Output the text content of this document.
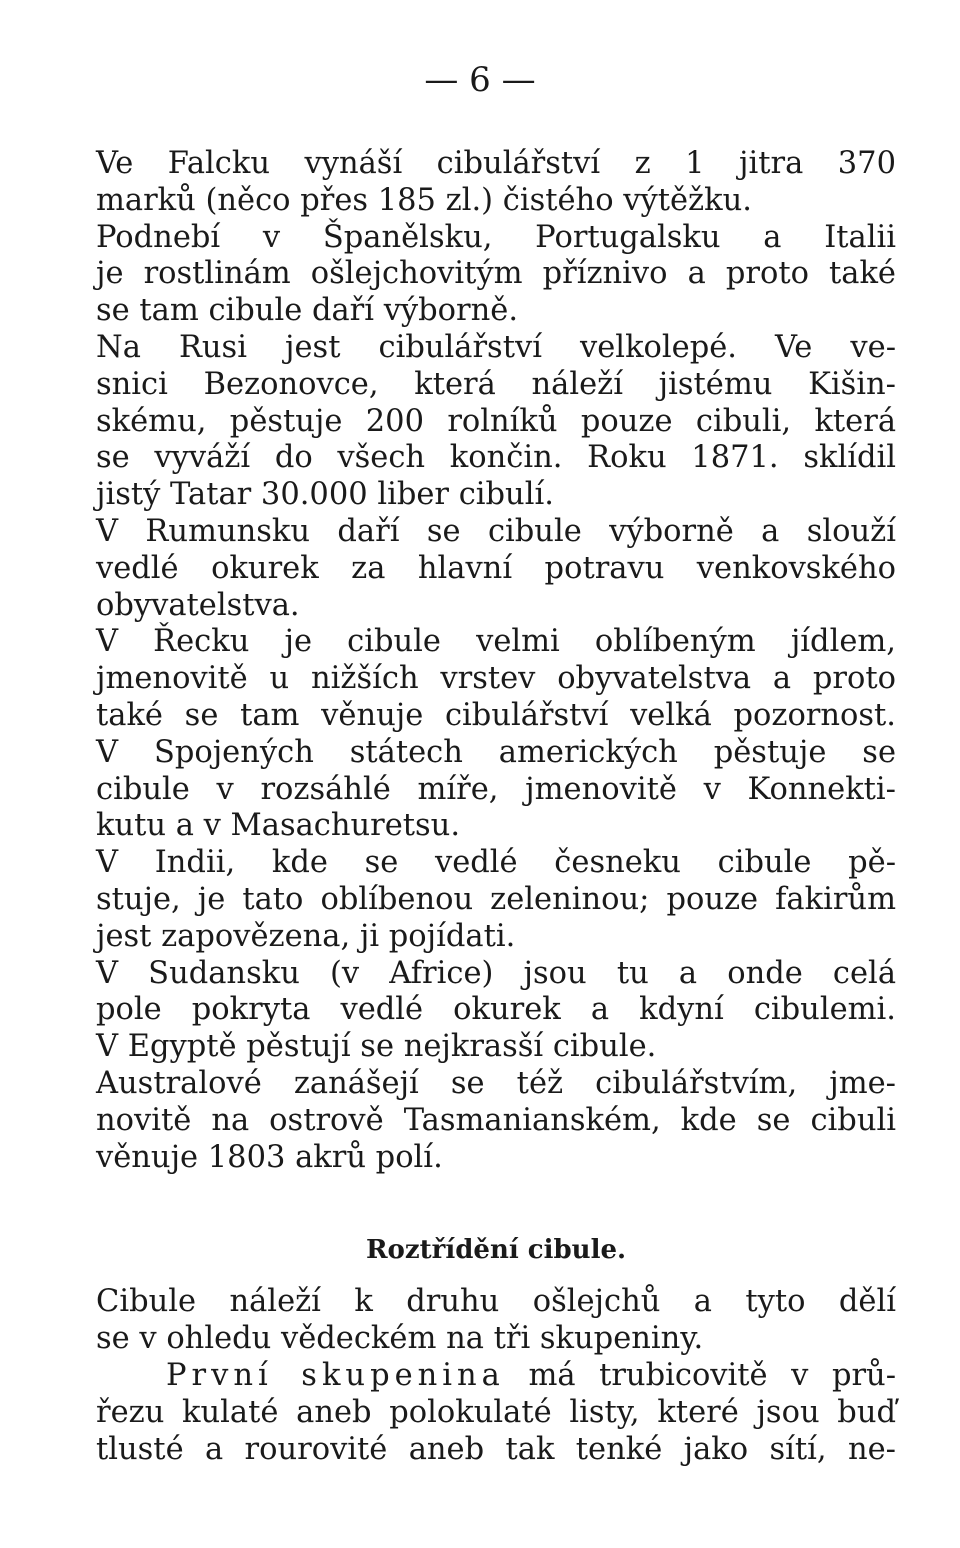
— 6 —
Ve Falcku vynáší cibulářství z 1 jitra 370
marků (něco přes 185 zl.) čistého výtěžku.
Podnebí v Španělsku, Portugalsku a Italii
je rostlinám ošlejchovitým příznivo a proto také
se tam cibule daří výborně.
Na Rusi jest cibulářství velkolepé. Ve ve-
snici Bezonovce, která náleží jistému Kišin-
skému, pěstuje 200 rolníků pouze cibuli, která
se vyváží do všech končin. Roku 1871. sklídil
jistý Tatar 30.000 liber cibulí.
V Rumunsku daří se cibule výborně a slouží
vedlé okurek za hlavní potravu venkovského
obyvatelstva.
V Řecku je cibule velmi oblíbeným jídlem,
jmenovitě u nižších vrstev obyvatelstva a proto
také se tam věnuje cibulářství velká pozornost.
V Spojených státech amerických pěstuje se
cibule v rozsáhlé míře, jmenovitě v Konnekti-
kutu a v Masachuretsu.
V Indii, kde se vedlé česneku cibule pě-
stuje, je tato oblíbenou zeleninou; pouze fakirům
jest zapovězena, ji pojídati.
V Sudansku (v Africe) jsou tu a onde celá
pole pokryta vedlé okurek a kdyní cibulemi.
V Egyptě pěstují se nejkrasší cibule.
Australové zanášejí se též cibulářstvím, jme-
novitě na ostrově Tasmanianském, kde se cibuli
věnuje 1803 akrů polí.
Roztřídění cibule.
Cibule náleží k druhu ošlejchů a tyto dělí
se v ohledu vědeckém na tři skupeniny.
První skupenina má trubicovitě v prů-
řezu kulaté aneb polokulaté listy, které jsou buď
tlusté a rourovité aneb tak tenké jako sítí, ne-
